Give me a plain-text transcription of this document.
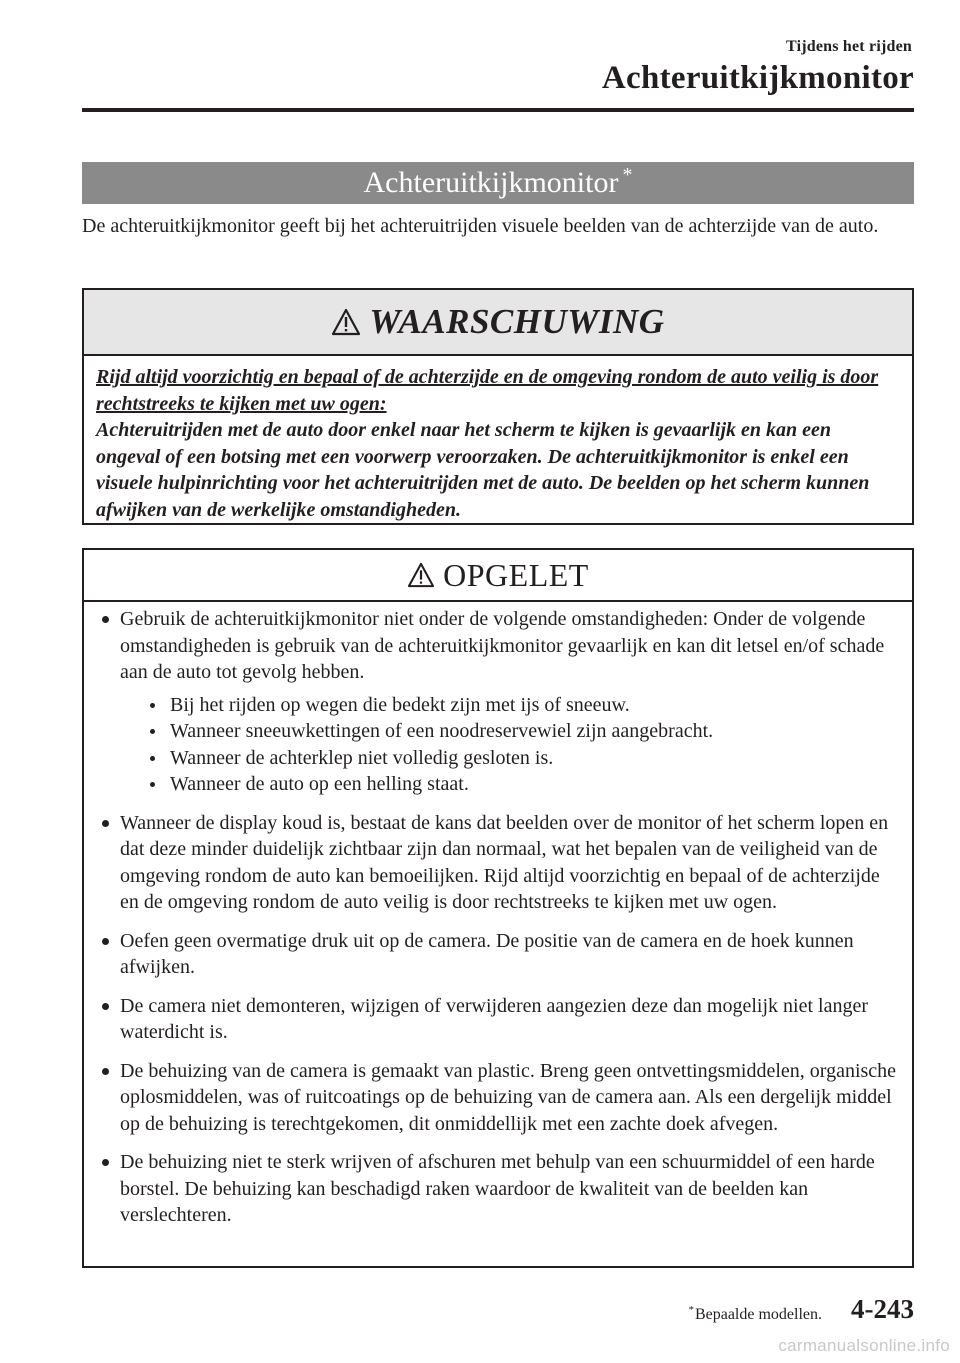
Tijdens het rijden
Achteruitkijkmonitor
Achteruitkijkmonitor *

De achteruitkijkmonitor geeft bij het achteruitrijden visuele beelden van de achterzijde van de auto.

WAARSCHUWING
Rijd altijd voorzichtig en bepaal of de achterzijde en de omgeving rondom de auto veilig is door rechtstreeks te kijken met uw ogen:
Achteruitrijden met de auto door enkel naar het scherm te kijken is gevaarlijk en kan een ongeval of een botsing met een voorwerp veroorzaken. De achteruitkijkmonitor is enkel een visuele hulpinrichting voor het achteruitrijden met de auto. De beelden op het scherm kunnen afwijken van de werkelijke omstandigheden.
OPGELET
Gebruik de achteruitkijkmonitor niet onder de volgende omstandigheden: Onder de volgende omstandigheden is gebruik van de achteruitkijkmonitor gevaarlijk en kan dit letsel en/of schade aan de auto tot gevolg hebben.
Bij het rijden op wegen die bedekt zijn met ijs of sneeuw.
Wanneer sneeuwkettingen of een noodreservewiel zijn aangebracht.
Wanneer de achterklep niet volledig gesloten is.
Wanneer de auto op een helling staat.
Wanneer de display koud is, bestaat de kans dat beelden over de monitor of het scherm lopen en dat deze minder duidelijk zichtbaar zijn dan normaal, wat het bepalen van de veiligheid van de omgeving rondom de auto kan bemoeilijken. Rijd altijd voorzichtig en bepaal of de achterzijde en de omgeving rondom de auto veilig is door rechtstreeks te kijken met uw ogen.
Oefen geen overmatige druk uit op de camera. De positie van de camera en de hoek kunnen afwijken.
De camera niet demonteren, wijzigen of verwijderen aangezien deze dan mogelijk niet langer waterdicht is.
De behuizing van de camera is gemaakt van plastic. Breng geen ontvettingsmiddelen, organische oplosmiddelen, was of ruitcoatings op de behuizing van de camera aan. Als een dergelijk middel op de behuizing is terechtgekomen, dit onmiddellijk met een zachte doek afvegen.
De behuizing niet te sterk wrijven of afschuren met behulp van een schuurmiddel of een harde borstel. De behuizing kan beschadigd raken waardoor de kwaliteit van de beelden kan verslechteren.
*Bepaalde modellen. 4-243
carmanualsonline.info
